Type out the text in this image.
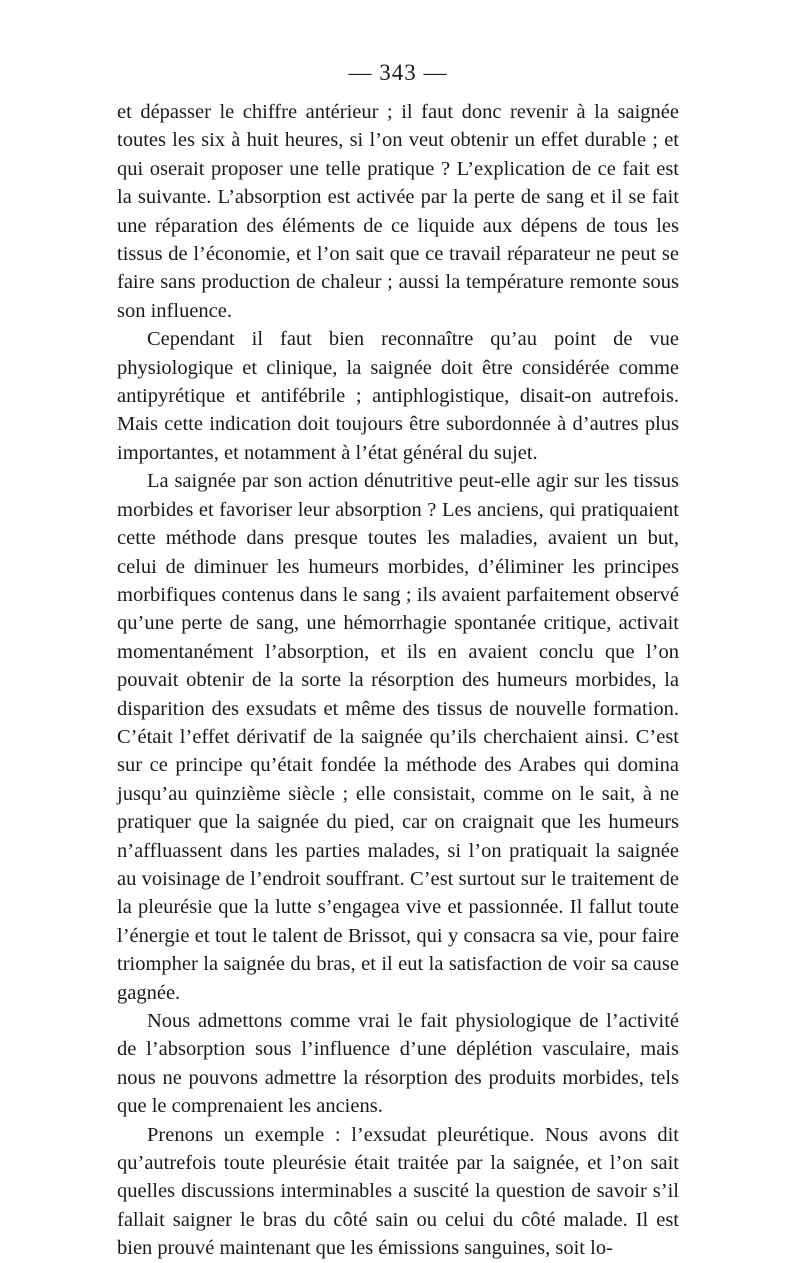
— 343 —

et dépasser le chiffre antérieur ; il faut donc revenir à la saignée toutes les six à huit heures, si l’on veut obtenir un effet durable ; et qui oserait proposer une telle pratique ? L’explication de ce fait est la suivante. L’absorption est activée par la perte de sang et il se fait une réparation des éléments de ce liquide aux dépens de tous les tissus de l’économie, et l’on sait que ce travail réparateur ne peut se faire sans production de chaleur ; aussi la température remonte sous son influence.

Cependant il faut bien reconnaître qu’au point de vue physiologique et clinique, la saignée doit être considérée comme antipyrétique et antifébrile ; antiphlogistique, disait-on autrefois. Mais cette indication doit toujours être subordonnée à d’autres plus importantes, et notamment à l’état général du sujet.

La saignée par son action dénutritive peut-elle agir sur les tissus morbides et favoriser leur absorption ? Les anciens, qui pratiquaient cette méthode dans presque toutes les maladies, avaient un but, celui de diminuer les humeurs morbides, d’éliminer les principes morbifiques contenus dans le sang ; ils avaient parfaitement observé qu’une perte de sang, une hémorrhagie spontanée critique, activait momentanément l’absorption, et ils en avaient conclu que l’on pouvait obtenir de la sorte la résorption des humeurs morbides, la disparition des exsudats et même des tissus de nouvelle formation. C’était l’effet dérivatif de la saignée qu’ils cherchaient ainsi. C’est sur ce principe qu’était fondée la méthode des Arabes qui domina jusqu’au quinzième siècle ; elle consistait, comme on le sait, à ne pratiquer que la saignée du pied, car on craignait que les humeurs n’affluassent dans les parties malades, si l’on pratiquait la saignée au voisinage de l’endroit souffrant. C’est surtout sur le traitement de la pleurésie que la lutte s’engagea vive et passionnée. Il fallut toute l’énergie et tout le talent de Brissot, qui y consacra sa vie, pour faire triompher la saignée du bras, et il eut la satisfaction de voir sa cause gagnée.

Nous admettons comme vrai le fait physiologique de l’activité de l’absorption sous l’influence d’une déplétion vasculaire, mais nous ne pouvons admettre la résorption des produits morbides, tels que le comprenaient les anciens.

Prenons un exemple : l’exsudat pleurétique. Nous avons dit qu’autrefois toute pleurésie était traitée par la saignée, et l’on sait quelles discussions interminables a suscité la question de savoir s’il fallait saigner le bras du côté sain ou celui du côté malade. Il est bien prouvé maintenant que les émissions sanguines, soit lo-
